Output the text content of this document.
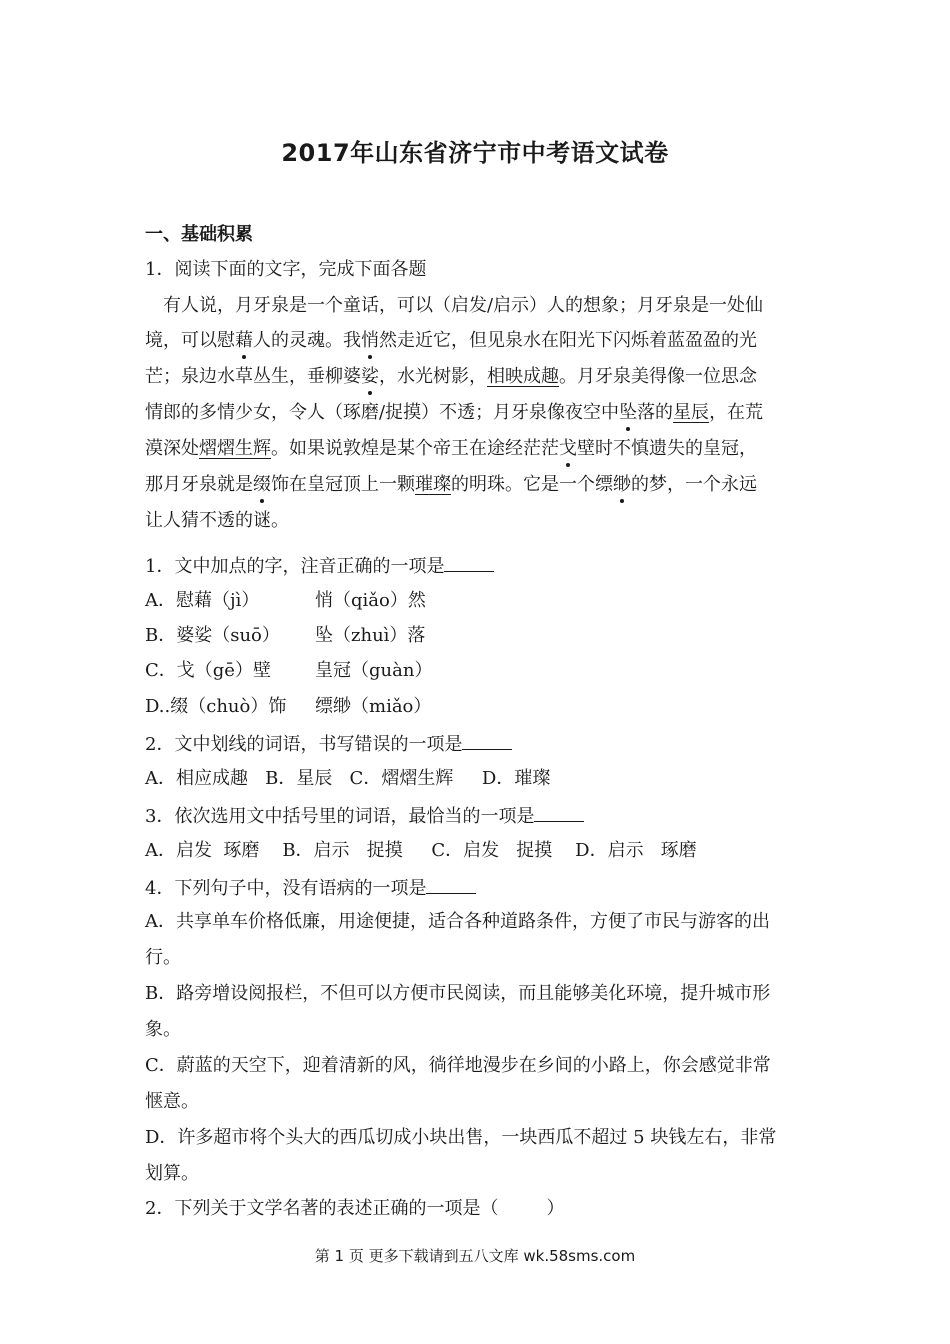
2017年山东省济宁市中考语文试卷
一、基础积累
1．阅读下面的文字，完成下面各题
有人说，月牙泉是一个童话，可以（启发/启示）人的想象；月牙泉是一处仙
境，可以慰藉人的灵魂。我悄然走近它，但见泉水在阳光下闪烁着蓝盈盈的光
芒；泉边水草丛生，垂柳婆娑，水光树影，相映成趣。月牙泉美得像一位思念
情郎的多情少女，令人（琢磨/捉摸）不透；月牙泉像夜空中坠落的星辰，在荒
漠深处熠熠生辉。如果说敦煌是某个帝王在途经茫茫戈壁时不慎遗失的皇冠，
那月牙泉就是缀饰在皇冠顶上一颗璀璨的明珠。它是一个缥缈的梦，一个永远
让人猜不透的谜。
1．文中加点的字，注音正确的一项是
A．慰藉（jì）	悄（qiǎo）然
B．婆娑（suō） 坠（zhuì）落
C．戈（gē）壁 皇冠（guàn）
D..缀（chuò）饰 缥缈（miǎo）
2．文中划线的词语，书写错误的一项是
A．相应成趣   B．星辰   C．熠熠生辉     D．璀璨
3．依次选用文中括号里的词语，最恰当的一项是
A．启发  琢磨    B．启示   捉摸     C．启发   捉摸    D．启示   琢磨
4．下列句子中，没有语病的一项是
A．共享单车价格低廉，用途便捷，适合各种道路条件，方便了市民与游客的出
行。
B．路旁增设阅报栏，不但可以方便市民阅读，而且能够美化环境，提升城市形
象。
C．蔚蓝的天空下，迎着清新的风，徜徉地漫步在乡间的小路上，你会感觉非常
惬意。
D．许多超市将个头大的西瓜切成小块出售，一块西瓜不超过 5 块钱左右，非常
划算。
2．下列关于文学名著的表述正确的一项是（	）
第 1 页 更多下载请到五八文库 wk.58sms.com
